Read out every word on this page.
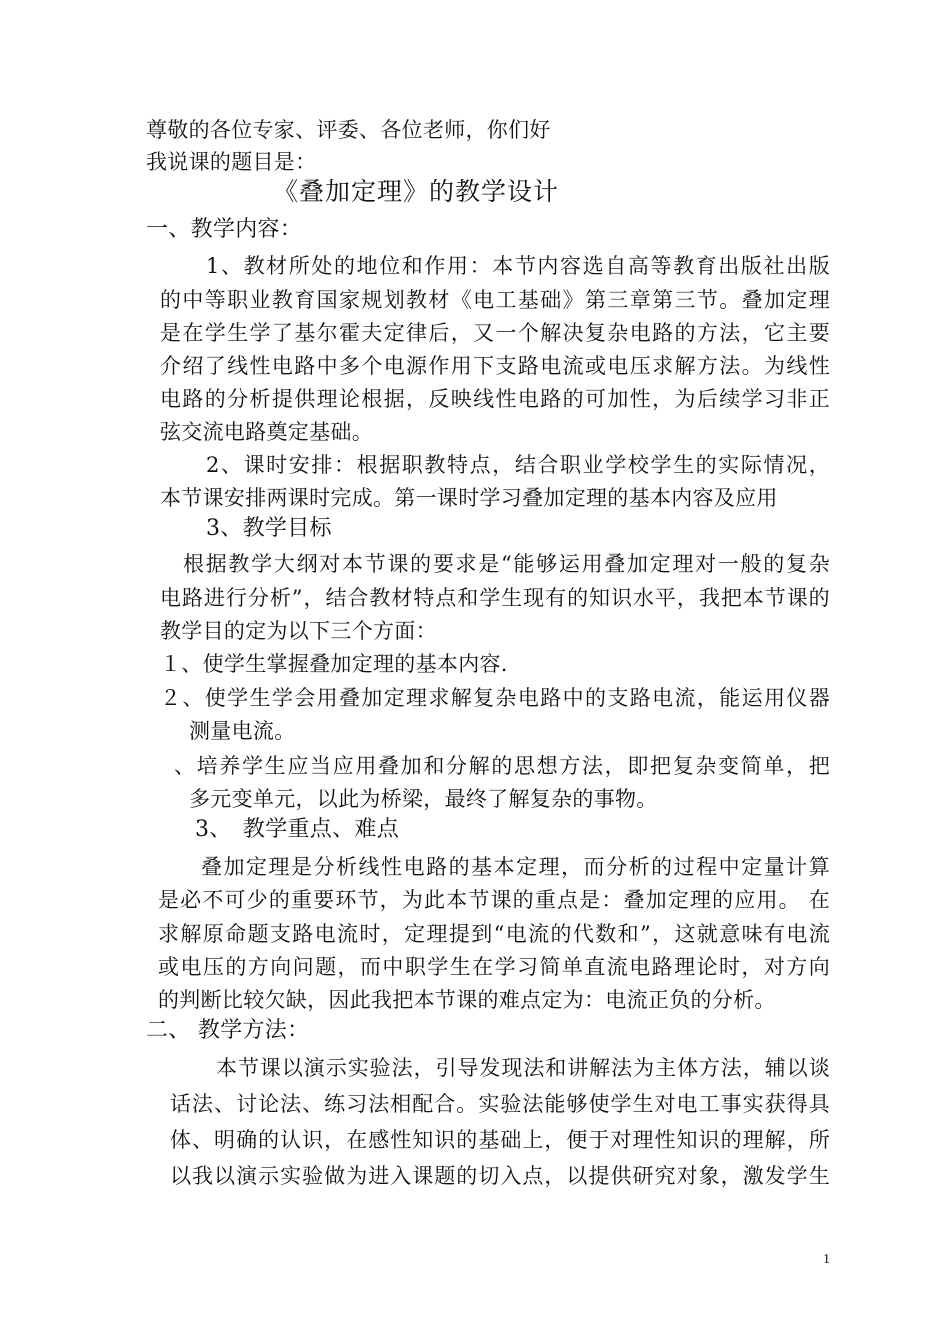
尊敬的各位专家、评委、各位老师，你们好
我说课的题目是：
《叠加定理》的教学设计
一、教学内容：
1、教材所处的地位和作用：本节内容选自高等教育出版社出版
的中等职业教育国家规划教材《电工基础》第三章第三节。叠加定理
是在学生学了基尔霍夫定律后，又一个解决复杂电路的方法，它主要
介绍了线性电路中多个电源作用下支路电流或电压求解方法。为线性
电路的分析提供理论根据，反映线性电路的可加性，为后续学习非正
弦交流电路奠定基础。
2、课时安排：根据职教特点，结合职业学校学生的实际情况，
本节课安排两课时完成。第一课时学习叠加定理的基本内容及应用
3、教学目标
根据教学大纲对本节课的要求是“能够运用叠加定理对一般的复杂
电路进行分析”，结合教材特点和学生现有的知识水平，我把本节课的
教学目的定为以下三个方面：
１、使学生掌握叠加定理的基本内容.
２、使学生学会用叠加定理求解复杂电路中的支路电流，能运用仪器
测量电流。
、培养学生应当应用叠加和分解的思想方法，即把复杂变简单，把
多元变单元，以此为桥梁，最终了解复杂的事物。
3、　教学重点、难点
叠加定理是分析线性电路的基本定理，而分析的过程中定量计算
是必不可少的重要环节，为此本节课的重点是：叠加定理的应用。 在
求解原命题支路电流时，定理提到“电流的代数和”，这就意味有电流
或电压的方向问题，而中职学生在学习简单直流电路理论时，对方向
的判断比较欠缺，因此我把本节课的难点定为：电流正负的分析。
二、 教学方法：
本节课以演示实验法，引导发现法和讲解法为主体方法，辅以谈
话法、讨论法、练习法相配合。实验法能够使学生对电工事实获得具
体、明确的认识，在感性知识的基础上，便于对理性知识的理解，所
以我以演示实验做为进入课题的切入点，以提供研究对象，激发学生
1
